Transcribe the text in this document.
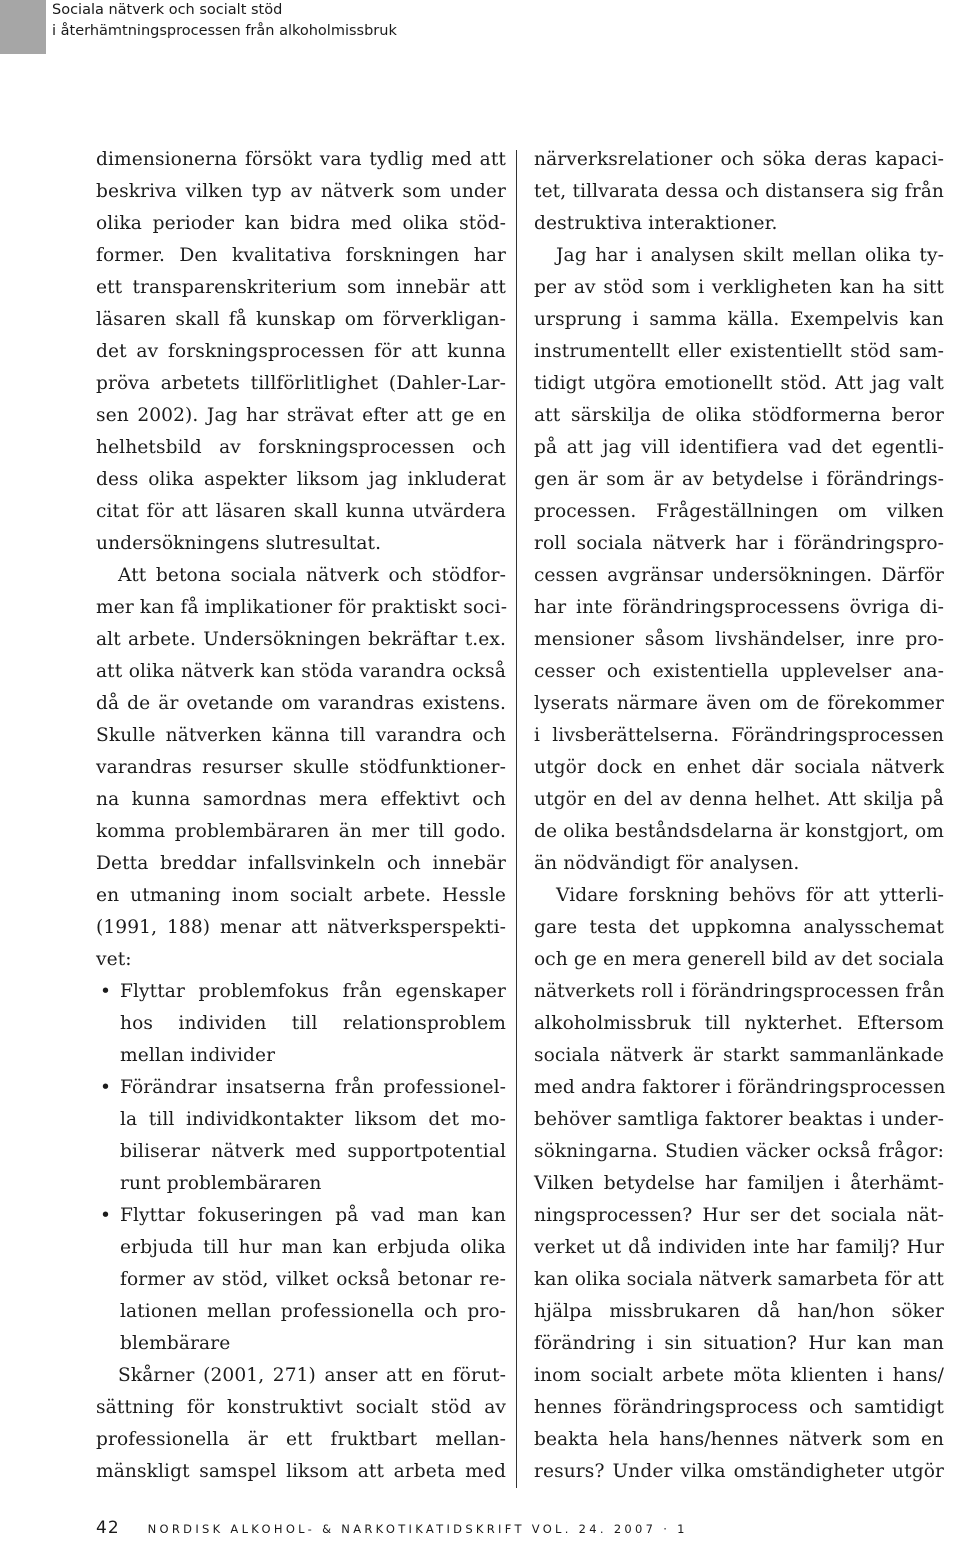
Sociala nätverk och socialt stöd
i återhämtningsprocessen från alkoholmissbruk
dimensionerna försökt vara tydlig med att
beskriva vilken typ av nätverk som under
olika perioder kan bidra med olika stöd-
former. Den kvalitativa forskningen har
ett transparenskriterium som innebär att
läsaren skall få kunskap om förverkligan-
det av forskningsprocessen för att kunna
pröva arbetets tillförlitlighet (Dahler-Lar-
sen 2002). Jag har strävat efter att ge en
helhetsbild av forskningsprocessen och
dess olika aspekter liksom jag inkluderat
citat för att läsaren skall kunna utvärdera
undersökningens slutresultat.
Att betona sociala nätverk och stödfor-
mer kan få implikationer för praktiskt soci-
alt arbete. Undersökningen bekräftar t.ex.
att olika nätverk kan stöda varandra också
då de är ovetande om varandras existens.
Skulle nätverken känna till varandra och
varandras resurser skulle stödfunktioner-
na kunna samordnas mera effektivt och
komma problembäraren än mer till godo.
Detta breddar infallsvinkeln och innebär
en utmaning inom socialt arbete. Hessle
(1991, 188) menar att nätverksperspekti-
vet:
• Flyttar problemfokus från egenskaper
hos individen till relationsproblem
mellan individer
• Förändrar insatserna från professionel-
la till individkontakter liksom det mo-
biliserar nätverk med supportpotential
runt problembäraren
• Flyttar fokuseringen på vad man kan
erbjuda till hur man kan erbjuda olika
former av stöd, vilket också betonar re-
lationen mellan professionella och pro-
blembärare
Skårner (2001, 271) anser att en förut-
sättning för konstruktivt socialt stöd av
professionella är ett fruktbart mellan-
mänskligt samspel liksom att arbeta med
närverksrelationer och söka deras kapaci-
tet, tillvarata dessa och distansera sig från
destruktiva interaktioner.
Jag har i analysen skilt mellan olika ty-
per av stöd som i verkligheten kan ha sitt
ursprung i samma källa. Exempelvis kan
instrumentellt eller existentiellt stöd sam-
tidigt utgöra emotionellt stöd. Att jag valt
att särskilja de olika stödformerna beror
på att jag vill identifiera vad det egentli-
gen är som är av betydelse i förändrings-
processen. Frågeställningen om vilken
roll sociala nätverk har i förändringspro-
cessen avgränsar undersökningen. Därför
har inte förändringsprocessens övriga di-
mensioner såsom livshändelser, inre pro-
cesser och existentiella upplevelser ana-
lyserats närmare även om de förekommer
i livsberättelserna. Förändringsprocessen
utgör dock en enhet där sociala nätverk
utgör en del av denna helhet. Att skilja på
de olika beståndsdelarna är konstgjort, om
än nödvändigt för analysen.
Vidare forskning behövs för att ytterli-
gare testa det uppkomna analysschemat
och ge en mera generell bild av det sociala
nätverkets roll i förändringsprocessen från
alkoholmissbruk till nykterhet. Eftersom
sociala nätverk är starkt sammanlänkade
med andra faktorer i förändringsprocessen
behöver samtliga faktorer beaktas i under-
sökningarna. Studien väcker också frågor:
Vilken betydelse har familjen i återhämt-
ningsprocessen? Hur ser det sociala nät-
verket ut då individen inte har familj? Hur
kan olika sociala nätverk samarbeta för att
hjälpa missbrukaren då han/hon söker
förändring i sin situation? Hur kan man
inom socialt arbete möta klienten i hans/
hennes förändringsprocess och samtidigt
beakta hela hans/hennes nätverk som en
resurs? Under vilka omständigheter utgör
42 NORDISK ALKOHOL- & NARKOTIKATIDSKRIFT VOL. 24. 2007 · 1
